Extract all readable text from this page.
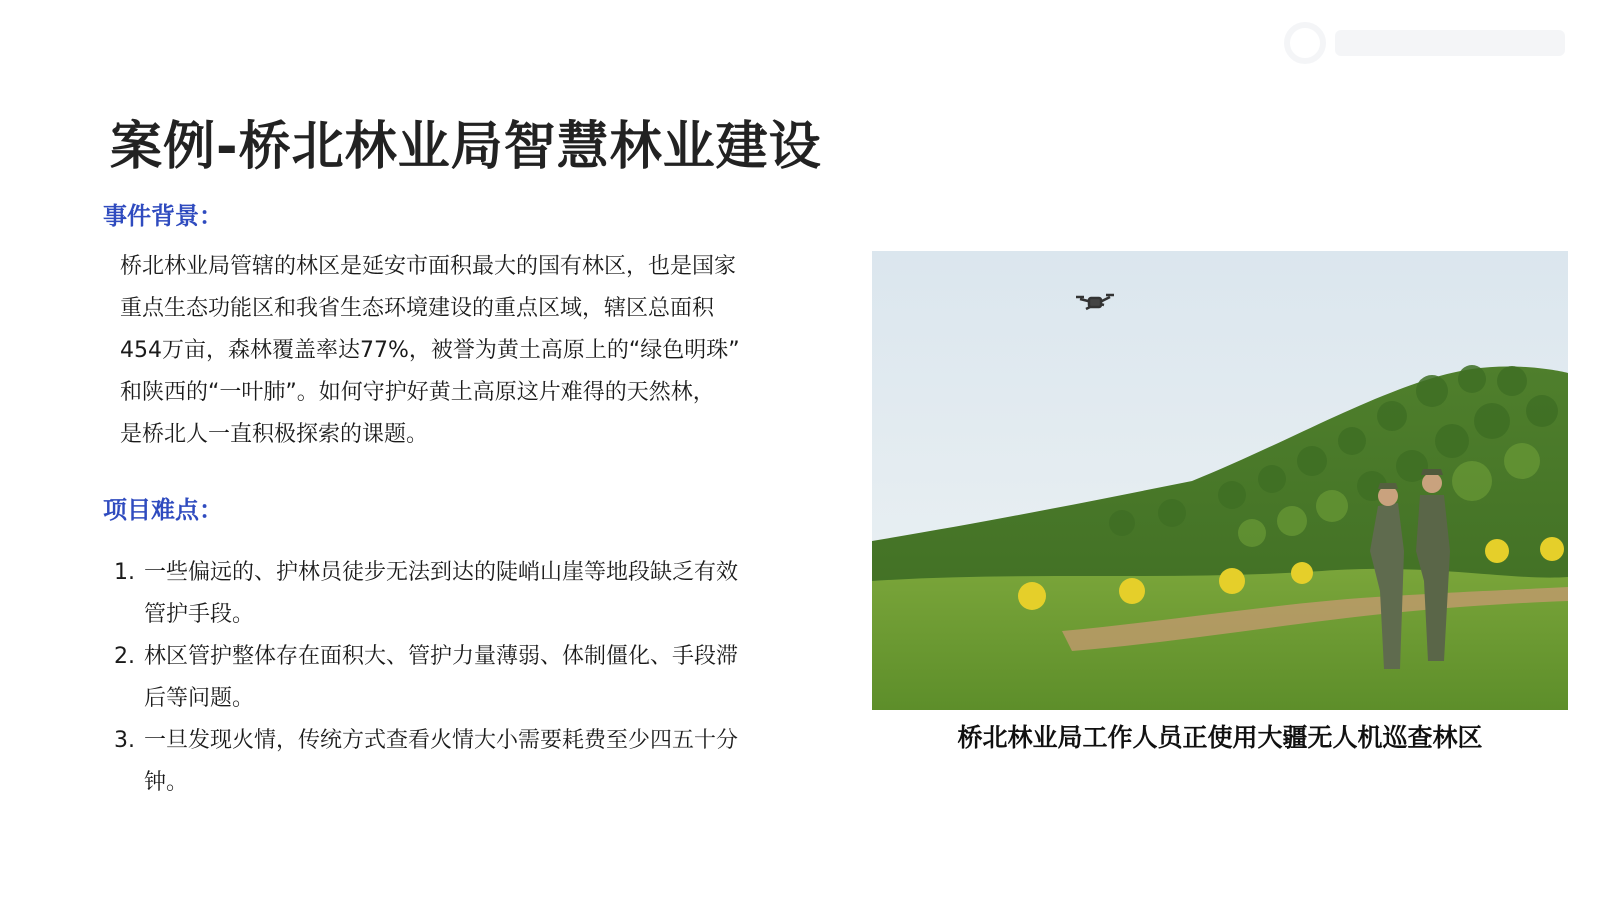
案例-桥北林业局智慧林业建设
事件背景：
桥北林业局管辖的林区是延安市面积最大的国有林区，也是国家
重点生态功能区和我省生态环境建设的重点区域，辖区总面积
454万亩，森林覆盖率达77%，被誉为黄土高原上的“绿色明珠”
和陕西的“一叶肺”。如何守护好黄土高原这片难得的天然林，
是桥北人一直积极探索的课题。
项目难点：
1. 一些偏远的、护林员徒步无法到达的陡峭山崖等地段缺乏有效
管护手段。
2. 林区管护整体存在面积大、管护力量薄弱、体制僵化、手段滞
后等问题。
3. 一旦发现火情，传统方式查看火情大小需要耗费至少四五十分
钟。
桥北林业局工作人员正使用大疆无人机巡查林区
